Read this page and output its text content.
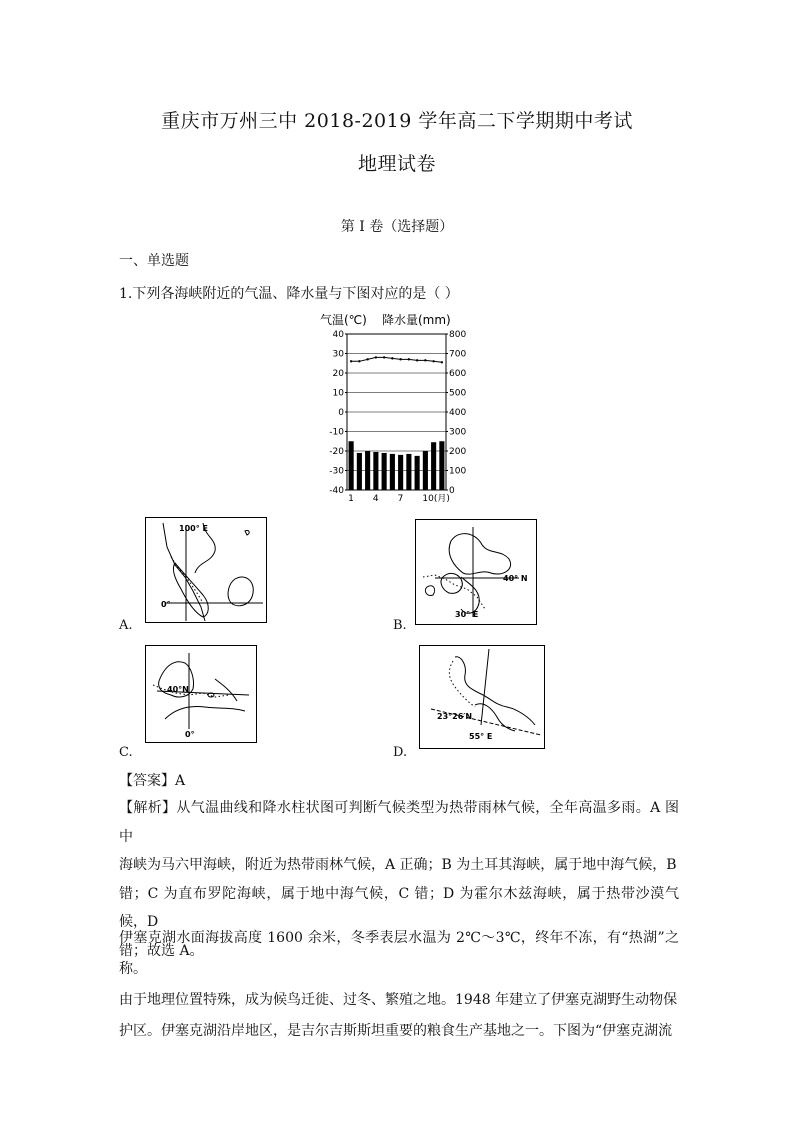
重庆市万州三中 2018-2019 学年高二下学期期中考试
地理试卷
第 I 卷（选择题）
一、单选题
1.下列各海峡附近的气温、降水量与下图对应的是（ ）
气温(℃) 降水量(mm)
40
30
20
10
0
-10
-20
-30
-40
800
700
600
500
400
300
200
100
0
1 4 7 10(月)
100° E
0°
A.
40° N
30° E
B.
40°N
0°
C.
23°26′N
55° E
D.
【答案】A
【解析】从气温曲线和降水柱状图可判断气候类型为热带雨林气候，全年高温多雨。A 图中
海峡为马六甲海峡，附近为热带雨林气候，A 正确；B 为土耳其海峡，属于地中海气候，B
错；C 为直布罗陀海峡，属于地中海气候，C 错；D 为霍尔木兹海峡，属于热带沙漠气候，D
错；故选 A。
伊塞克湖水面海拔高度 1600 余米，冬季表层水温为 2℃～3℃，终年不冻，有“热湖”之称。
由于地理位置特殊，成为候鸟迁徙、过冬、繁殖之地。1948 年建立了伊塞克湖野生动物保
护区。伊塞克湖沿岸地区，是吉尔吉斯斯坦重要的粮食生产基地之一。下图为“伊塞克湖流
